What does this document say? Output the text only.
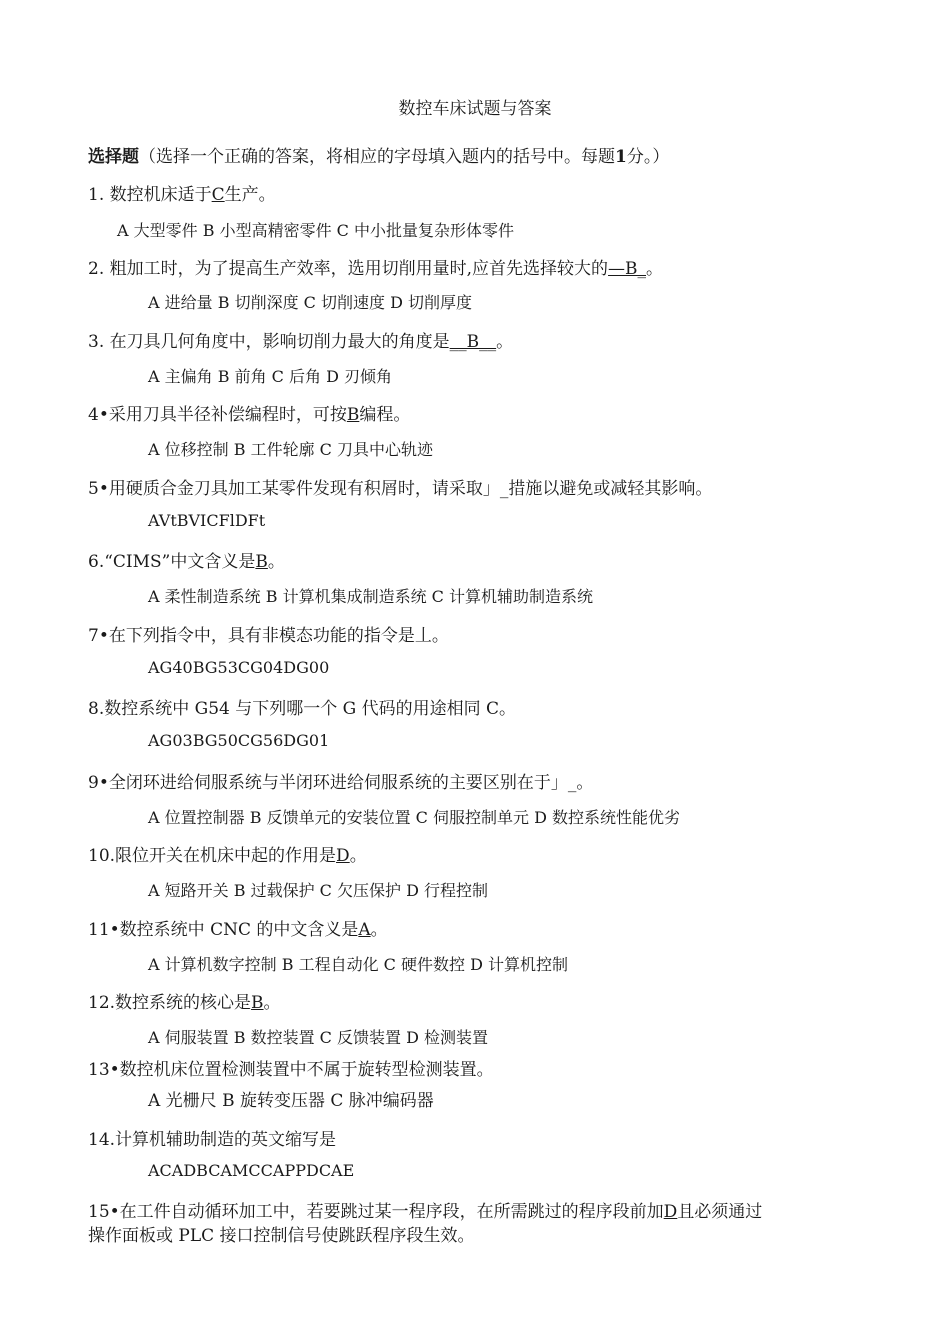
数控车床试题与答案
选择题（选择一个正确的答案，将相应的字母填入题内的括号中。每题1分。）
1. 数控机床适于C生产。
A 大型零件 B 小型高精密零件 C 中小批量复杂形体零件
2. 粗加工时，为了提高生产效率，选用切削用量时,应首先选择较大的—B_。
A 进给量 B 切削深度 C 切削速度 D 切削厚度
3. 在刀具几何角度中，影响切削力最大的角度是__B__。
A 主偏角 B 前角 C 后角 D 刃倾角
4•采用刀具半径补偿编程时，可按B编程。
A 位移控制 B 工件轮廓 C 刀具中心轨迹
5•用硬质合金刀具加工某零件发现有积屑时，请采取」_措施以避免或减轻其影响。
AVtBVICFlDFt
6.“CIMS”中文含义是B。
A 柔性制造系统 B 计算机集成制造系统 C 计算机辅助制造系统
7•在下列指令中，具有非模态功能的指令是丄。
AG40BG53CG04DG00
8.数控系统中 G54 与下列哪一个 G 代码的用途相同 C。
AG03BG50CG56DG01
9•全闭环进给伺服系统与半闭环进给伺服系统的主要区别在于」_。
A 位置控制器 B 反馈单元的安装位置 C 伺服控制单元 D 数控系统性能优劣
10.限位开关在机床中起的作用是D。
A 短路开关 B 过载保护 C 欠压保护 D 行程控制
11•数控系统中 CNC 的中文含义是A。
A 计算机数字控制 B 工程自动化 C 硬件数控 D 计算机控制
12.数控系统的核心是B。
A 伺服装置 B 数控装置 C 反馈装置 D 检测装置
13•数控机床位置检测装置中不属于旋转型检测装置。
A 光栅尺 B 旋转变压器 C 脉冲编码器
14.计算机辅助制造的英文缩写是
ACADBCAMCCAPPDCAE
15•在工件自动循环加工中，若要跳过某一程序段，在所需跳过的程序段前加D且必须通过
操作面板或 PLC 接口控制信号使跳跃程序段生效。
